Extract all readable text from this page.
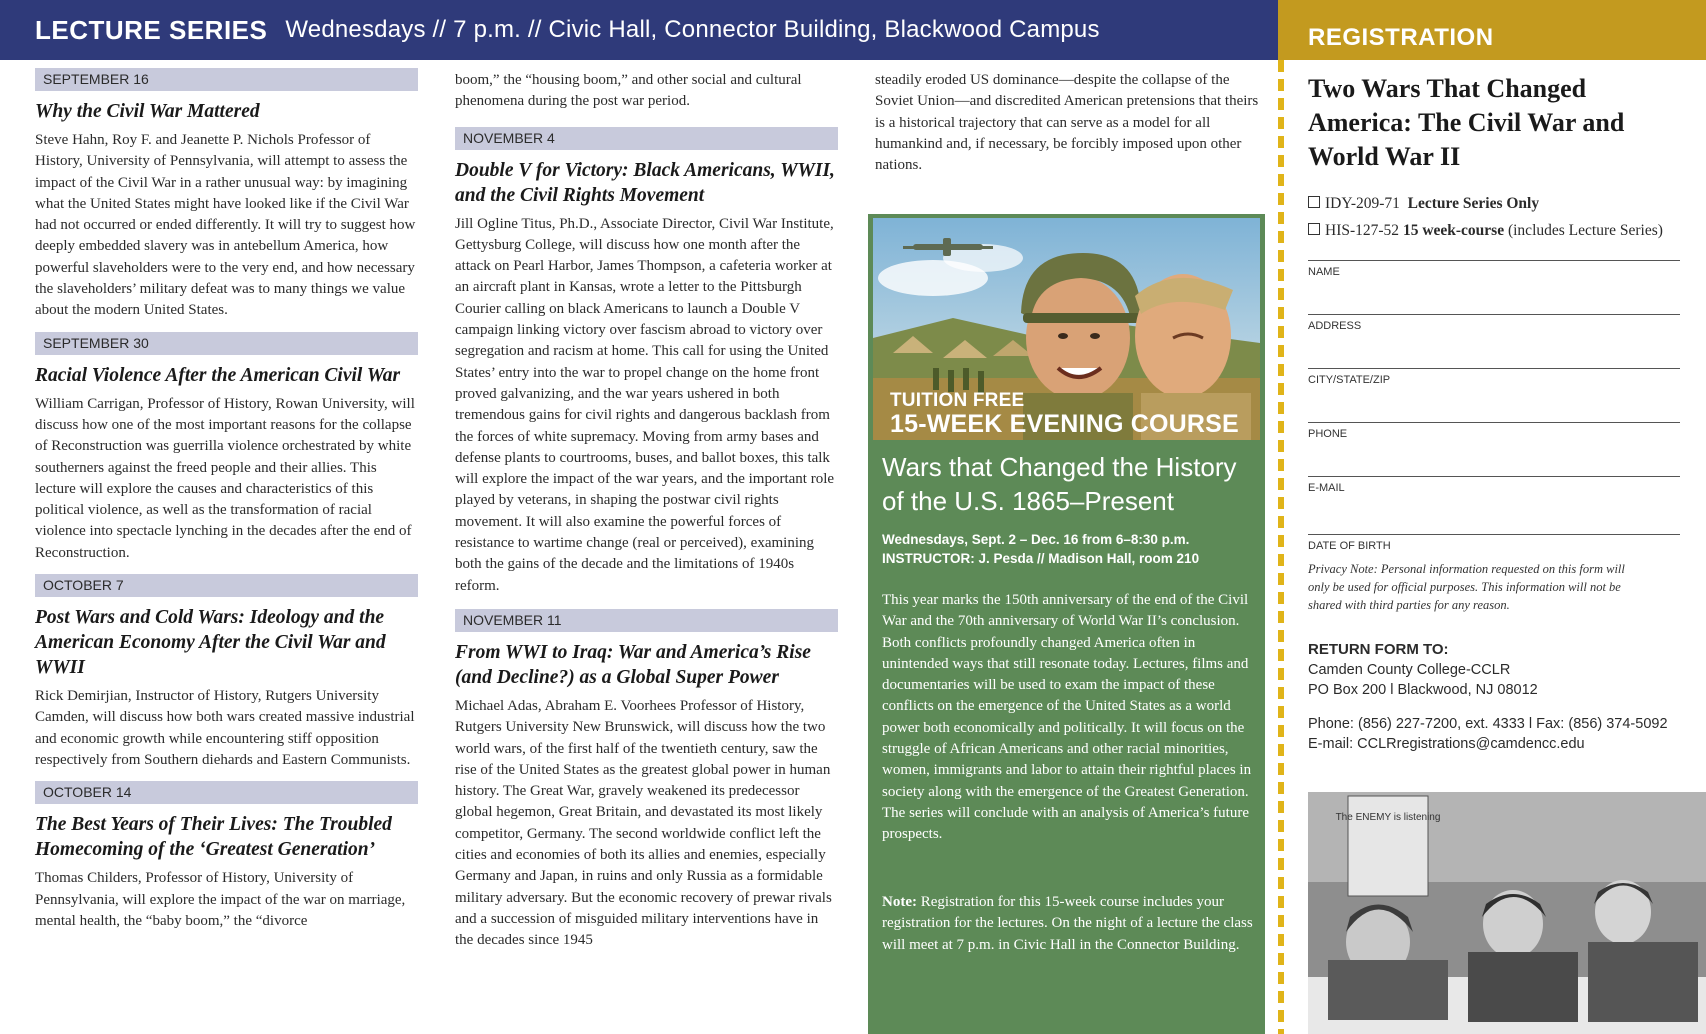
LECTURE SERIES Wednesdays // 7 p.m. // Civic Hall, Connector Building, Blackwood Campus	REGISTRATION
SEPTEMBER 16
Why the Civil War Mattered

Steve Hahn, Roy F. and Jeanette P. Nichols Professor of History, University of Pennsylvania, will attempt to assess the impact of the Civil War in a rather unusual way: by imagining what the United States might have looked like if the Civil War had not occurred or ended differently. It will try to suggest how deeply embedded slavery was in antebellum America, how powerful slaveholders were to the very end, and how necessary the slaveholders’ military defeat was to many things we value about the modern United States.

SEPTEMBER 30
Racial Violence After the American Civil War

William Carrigan, Professor of History, Rowan University, will discuss how one of the most important reasons for the collapse of Reconstruction was guerrilla violence orchestrated by white southerners against the freed people and their allies. This lecture will explore the causes and characteristics of this political violence, as well as the transformation of racial violence into spectacle lynching in the decades after the end of Reconstruction.

OCTOBER 7
Post Wars and Cold Wars: Ideology and the American Economy After the Civil War and WWII

Rick Demirjian, Instructor of History, Rutgers University Camden, will discuss how both wars created massive industrial and economic growth while encountering stiff opposition respectively from Southern diehards and Eastern Communists.

OCTOBER 14
The Best Years of Their Lives: The Troubled Homecoming of the ‘Greatest Generation’

Thomas Childers, Professor of History, University of Pennsylvania, will explore the impact of the war on marriage, mental health, the “baby boom,” the “divorce

boom,” the “housing boom,” and other social and cultural phenomena during the post war period.

NOVEMBER 4
Double V for Victory: Black Americans, WWII, and the Civil Rights Movement

Jill Ogline Titus, Ph.D., Associate Director, Civil War Institute, Gettysburg College, will discuss how one month after the attack on Pearl Harbor, James Thompson, a cafeteria worker at an aircraft plant in Kansas, wrote a letter to the Pittsburgh Courier calling on black Americans to launch a Double V campaign linking victory over fascism abroad to victory over segregation and racism at home. This call for using the United States’ entry into the war to propel change on the home front proved galvanizing, and the war years ushered in both tremendous gains for civil rights and dangerous backlash from the forces of white supremacy. Moving from army bases and defense plants to courtrooms, buses, and ballot boxes, this talk will explore the impact of the war years, and the important role played by veterans, in shaping the postwar civil rights movement. It will also examine the powerful forces of resistance to wartime change (real or perceived), examining both the gains of the decade and the limitations of 1940s reform.

NOVEMBER 11
From WWI to Iraq: War and America’s Rise (and Decline?) as a Global Super Power

Michael Adas, Abraham E. Voorhees Professor of History, Rutgers University New Brunswick, will discuss how the two world wars, of the first half of the twentieth century, saw the rise of the United States as the greatest global power in human history. The Great War, gravely weakened its predecessor global hegemon, Great Britain, and devastated its most likely competitor, Germany. The second worldwide conflict left the cities and economies of both its allies and enemies, especially Germany and Japan, in ruins and only Russia as a formidable military adversary. But the economic recovery of prewar rivals and a succession of misguided military interventions have in the decades since 1945

steadily eroded US dominance—despite the collapse of the Soviet Union—and discredited American pretensions that theirs is a historical trajectory that can serve as a model for all humankind and, if necessary, be forcibly imposed upon other nations.

TUITION FREE
15-WEEK EVENING COURSE
Wars that Changed the History of the U.S. 1865–Present
Wednesdays, Sept. 2 – Dec. 16 from 6–8:30 p.m.
INSTRUCTOR: J. Pesda // Madison Hall, room 210
This year marks the 150th anniversary of the end of the Civil War and the 70th anniversary of World War II’s conclusion. Both conflicts profoundly changed America often in unintended ways that still resonate today. Lectures, films and documentaries will be used to exam the impact of these conflicts on the emergence of the United States as a world power both economically and politically. It will focus on the struggle of African Americans and other racial minorities, women, immigrants and labor to attain their rightful places in society along with the emergence of the Greatest Generation. The series will conclude with an analysis of America’s future prospects.
Note: Registration for this 15-week course includes your registration for the lectures. On the night of a lecture the class will meet at 7 p.m. in Civic Hall in the Connector Building.
Two Wars That Changed America: The Civil War and World War II
IDY-209-71 Lecture Series Only
HIS-127-52 15 week-course (includes Lecture Series)
NAME
ADDRESS
CITY/STATE/ZIP
PHONE
E-MAIL
DATE OF BIRTH
Privacy Note: Personal information requested on this form will only be used for official purposes. This information will not be shared with third parties for any reason.
RETURN FORM TO:
Camden County College-CCLR
PO Box 200 l Blackwood, NJ 08012
Phone: (856) 227-7200, ext. 4333 l Fax: (856) 374-5092
E-mail: CCLRregistrations@camdencc.edu
The ENEMY is listening
